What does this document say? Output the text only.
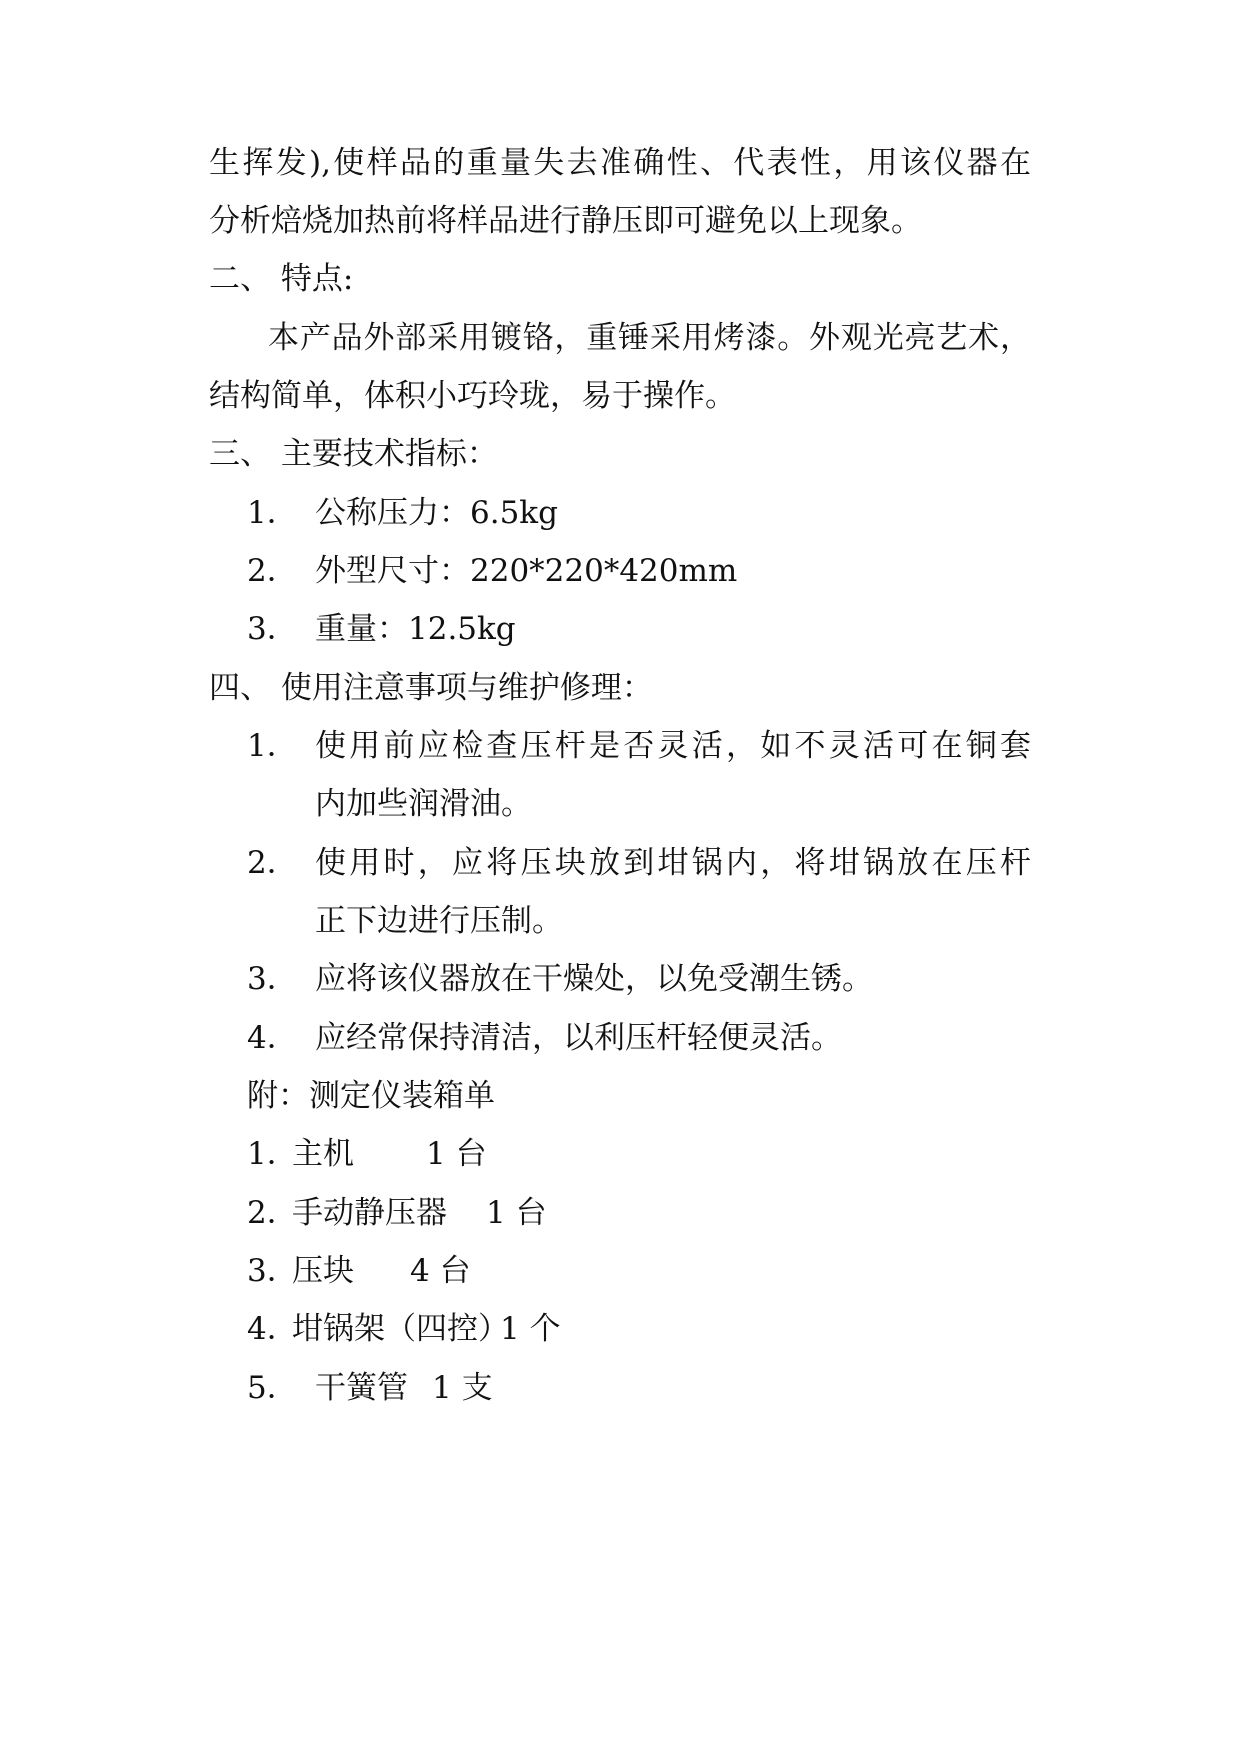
生挥发),使样品的重量失去准确性、代表性，用该仪器在
分析焙烧加热前将样品进行静压即可避免以上现象。
二、 特点:
本产品外部采用镀铬，重锤采用烤漆。外观光亮艺术，
结构简单，体积小巧玲珑，易于操作。
三、 主要技术指标：
1． 公称压力：6.5kg
2． 外型尺寸：220*220*420mm
3． 重量：12.5kg
四、 使用注意事项与维护修理：
1． 使用前应检查压杆是否灵活，如不灵活可在铜套
内加些润滑油。
2． 使用时，应将压块放到坩锅内，将坩锅放在压杆
正下边进行压制。
3． 应将该仪器放在干燥处，以免受潮生锈。
4． 应经常保持清洁，以利压杆轻便灵活。
附：测定仪装箱单
1．
主机 1 台
2．
手动静压器 1 台
3．
压块 4 台
4．
坩锅架（四控）
1 个
5． 干簧管 1 支
